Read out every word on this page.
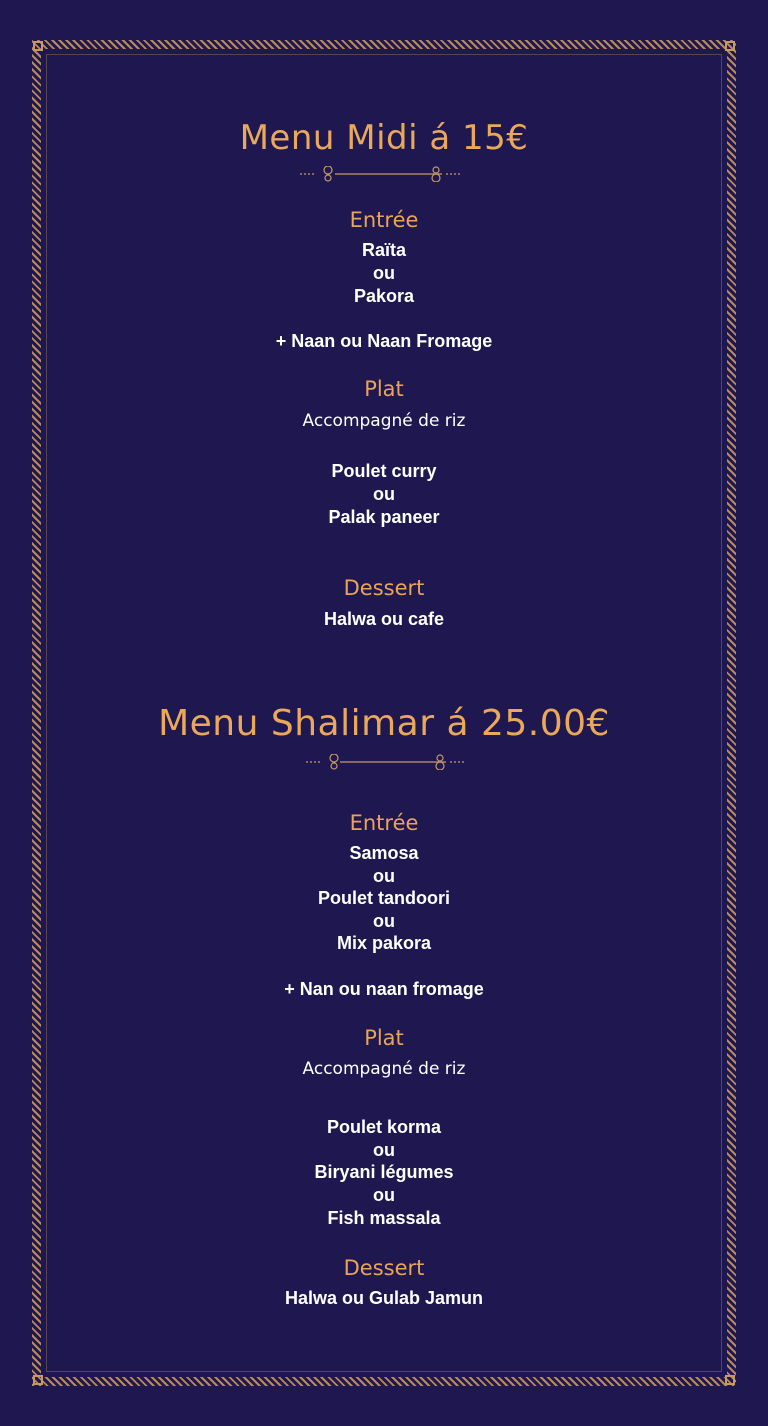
Menu Midi á 15€
Entrée
Raïta
ou
Pakora
+ Naan ou Naan Fromage
Plat
Accompagné de riz
Poulet curry
ou
Palak paneer
Dessert
Halwa ou cafe
Menu Shalimar á 25.00€
Entrée
Samosa
ou
Poulet tandoori
ou
Mix pakora
+ Nan ou naan fromage
Plat
Accompagné de riz
Poulet korma
ou
Biryani légumes
ou
Fish massala
Dessert
Halwa ou Gulab Jamun
